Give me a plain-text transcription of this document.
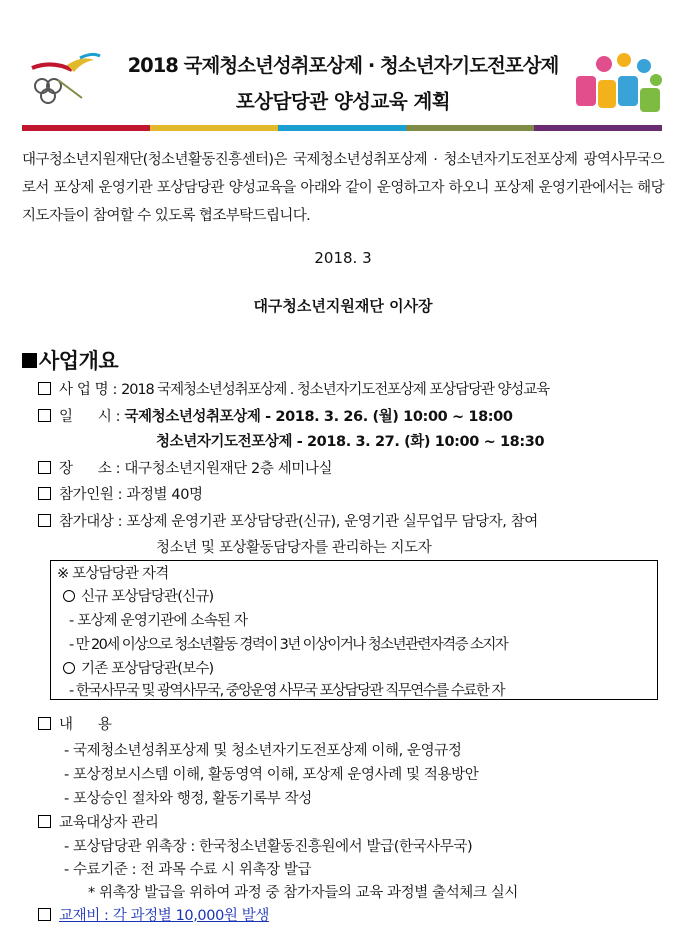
2018 국제청소년성취포상제 · 청소년자기도전포상제
포상담당관 양성교육 계획
대구청소년지원재단(청소년활동진흥센터)은 국제청소년성취포상제 · 청소년자기도전포상제 광역사무국으로서 포상제 운영기관 포상담당관 양성교육을 아래와 같이 운영하고자 하오니 포상제 운영기관에서는 해당 지도자들이 참여할 수 있도록 협조부탁드립니다.
2018. 3
대구청소년지원재단 이사장
사업개요
사 업 명 : 2018 국제청소년성취포상제 . 청소년자기도전포상제 포상담당관 양성교육
일      시 : 국제청소년성취포상제 - 2018. 3. 26. (월) 10:00 ~ 18:00
청소년자기도전포상제 - 2018. 3. 27. (화) 10:00 ~ 18:30
장      소 : 대구청소년지원재단 2층 세미나실
참가인원 : 과정별 40명
참가대상 : 포상제 운영기관 포상담당관(신규), 운영기관 실무업무 담당자, 참여
청소년 및 포상활동담당자를 관리하는 지도자
※ 포상담당관 자격
신규 포상담당관(신규)
- 포상제 운영기관에 소속된 자
- 만 20세 이상으로 청소년활동 경력이 3년 이상이거나 청소년관련자격증 소지자
기존 포상담당관(보수)
- 한국사무국 및 광역사무국, 중앙운영 사무국 포상담당관 직무연수를 수료한 자
내      용
- 국제청소년성취포상제 및 청소년자기도전포상제 이해, 운영규정
- 포상정보시스템 이해, 활동영역 이해, 포상제 운영사례 및 적용방안
- 포상승인 절차와 행정, 활동기록부 작성
교육대상자 관리
- 포상담당관 위촉장 : 한국청소년활동진흥원에서 발급(한국사무국)
- 수료기준 : 전 과목 수료 시 위촉장 발급
* 위촉장 발급을 위하여 과정 중 참가자들의 교육 과정별 출석체크 실시
교재비 : 각 과정별 10,000원 발생
